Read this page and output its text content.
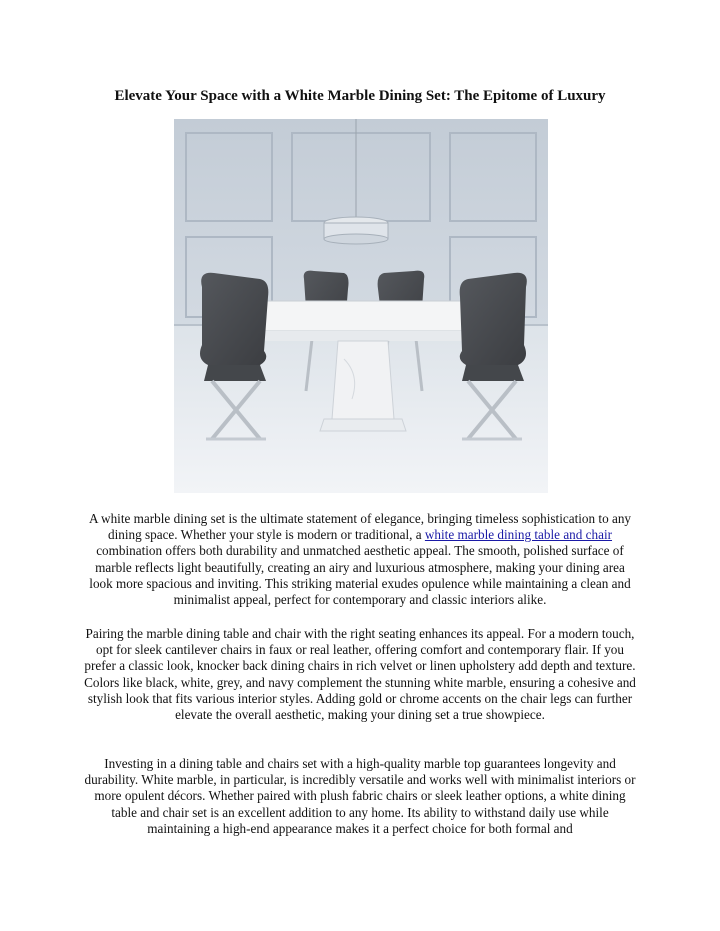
Elevate Your Space with a White Marble Dining Set: The Epitome of Luxury

A white marble dining set is the ultimate statement of elegance, bringing timeless sophistication to any dining space. Whether your style is modern or traditional, a white marble dining table and chair combination offers both durability and unmatched aesthetic appeal. The smooth, polished surface of marble reflects light beautifully, creating an airy and luxurious atmosphere, making your dining area look more spacious and inviting. This striking material exudes opulence while maintaining a clean and minimalist appeal, perfect for contemporary and classic interiors alike.

Pairing the marble dining table and chair with the right seating enhances its appeal. For a modern touch, opt for sleek cantilever chairs in faux or real leather, offering comfort and contemporary flair. If you prefer a classic look, knocker back dining chairs in rich velvet or linen upholstery add depth and texture. Colors like black, white, grey, and navy complement the stunning white marble, ensuring a cohesive and stylish look that fits various interior styles. Adding gold or chrome accents on the chair legs can further elevate the overall aesthetic, making your dining set a true showpiece.

Investing in a dining table and chairs set with a high-quality marble top guarantees longevity and durability. White marble, in particular, is incredibly versatile and works well with minimalist interiors or more opulent décors. Whether paired with plush fabric chairs or sleek leather options, a white dining table and chair set is an excellent addition to any home. Its ability to withstand daily use while maintaining a high-end appearance makes it a perfect choice for both formal and
